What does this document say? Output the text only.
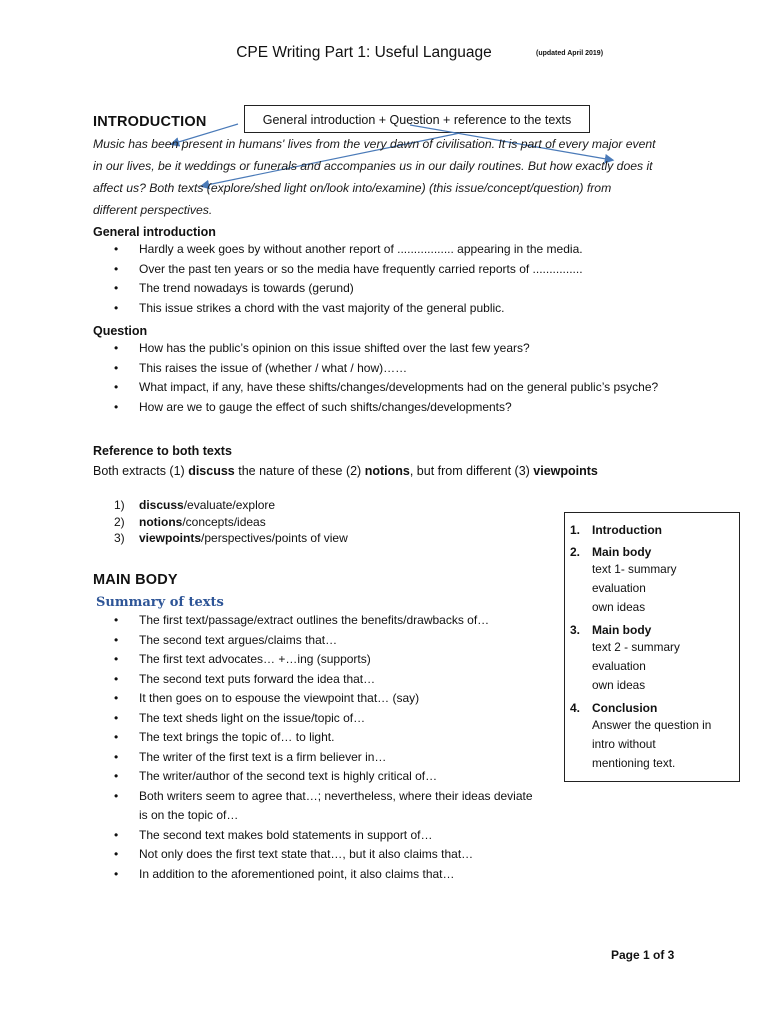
CPE Writing Part 1: Useful Language	(updated April 2019)
INTRODUCTION	General introduction + Question + reference to the texts
Music has been present in humans' lives from the very dawn of civilisation. It is part of every major event
in our lives, be it weddings or funerals and accompanies us in our daily routines. But how exactly does it
affect us? Both texts (explore/shed light on/look into/examine) (this issue/concept/question) from
different perspectives.
General introduction
• Hardly a week goes by without another report of ................. appearing in the media.
• Over the past ten years or so the media have frequently carried reports of ...............
• The trend nowadays is towards (gerund)
• This issue strikes a chord with the vast majority of the general public.
Question
• How has the public’s opinion on this issue shifted over the last few years?
• This raises the issue of (whether / what / how)……
• What impact, if any, have these shifts/changes/developments had on the general public’s psyche?
• How are we to gauge the effect of such shifts/changes/developments?
Reference to both texts
Both extracts (1) discuss the nature of these (2) notions, but from different (3) viewpoints
1) discuss/evaluate/explore
2) notions/concepts/ideas
3) viewpoints/perspectives/points of view
MAIN BODY
Summary of texts
• The first text/passage/extract outlines the benefits/drawbacks of…
• The second text argues/claims that…
• The first text advocates… +…ing (supports)
• The second text puts forward the idea that…
• It then goes on to espouse the viewpoint that… (say)
• The text sheds light on the issue/topic of…
• The text brings the topic of… to light.
• The writer of the first text is a firm believer in…
• The writer/author of the second text is highly critical of…
• Both writers seem to agree that…; nevertheless, where their ideas deviate is on the topic of…
• The second text makes bold statements in support of…
• Not only does the first text state that…, but it also claims that…
• In addition to the aforementioned point, it also claims that…
1. Introduction
2. Main body
text 1- summary
evaluation
own ideas
3. Main body
text 2 - summary
evaluation
own ideas
4. Conclusion
Answer the question in
intro without
mentioning text.
Page 1 of 3
